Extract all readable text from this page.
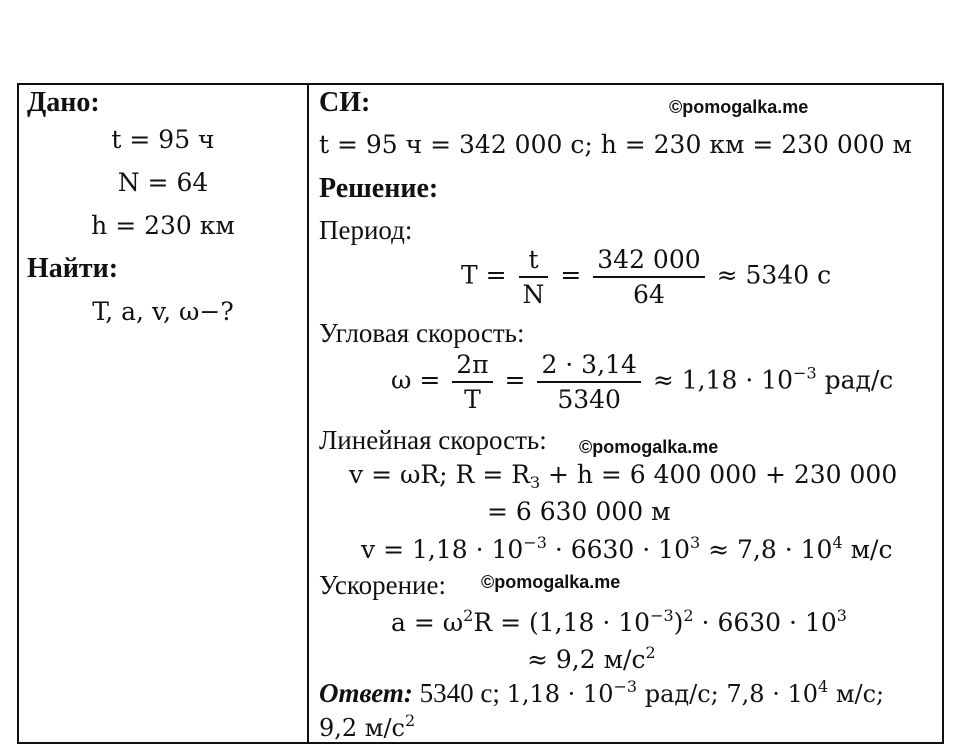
Дано:
t = 95 ч
N = 64
h = 230 км
Найти:
T, a, v, ω−?
СИ:	©pomogalka.me
t = 95 ч = 342 000 с; h = 230 км = 230 000 м
Решение:
Период:
$T = \frac{t}{N} = \frac{342 000}{64} \approx 5340$ с
Угловая скорость:
$\omega = \frac{2\pi}{T} = \frac{2 \cdot 3,14}{5340} \approx 1,18 \cdot 10^{-3}$ рад/с
Линейная скорость: ©pomogalka.me
v = ωR; $R = R_З + h = 6$ 400 000 + 230 000
= 6 630 000 м
$v = 1,18 \cdot 10^{-3} \cdot 6630 \cdot 10^3 \approx 7,8 \cdot 10^4$ м/с
Ускорение: ©pomogalka.me
$a = \omega^2R = (1,18 \cdot 10^{-3})^2 \cdot 6630 \cdot 10^3$
≈ 9,2 $м/с^2$
Ответ: 5340 с; $1,18 \cdot 10^{-3}$ рад/с; $7,8 \cdot 10^4$ м/с;
9,2 $м/с^2$
